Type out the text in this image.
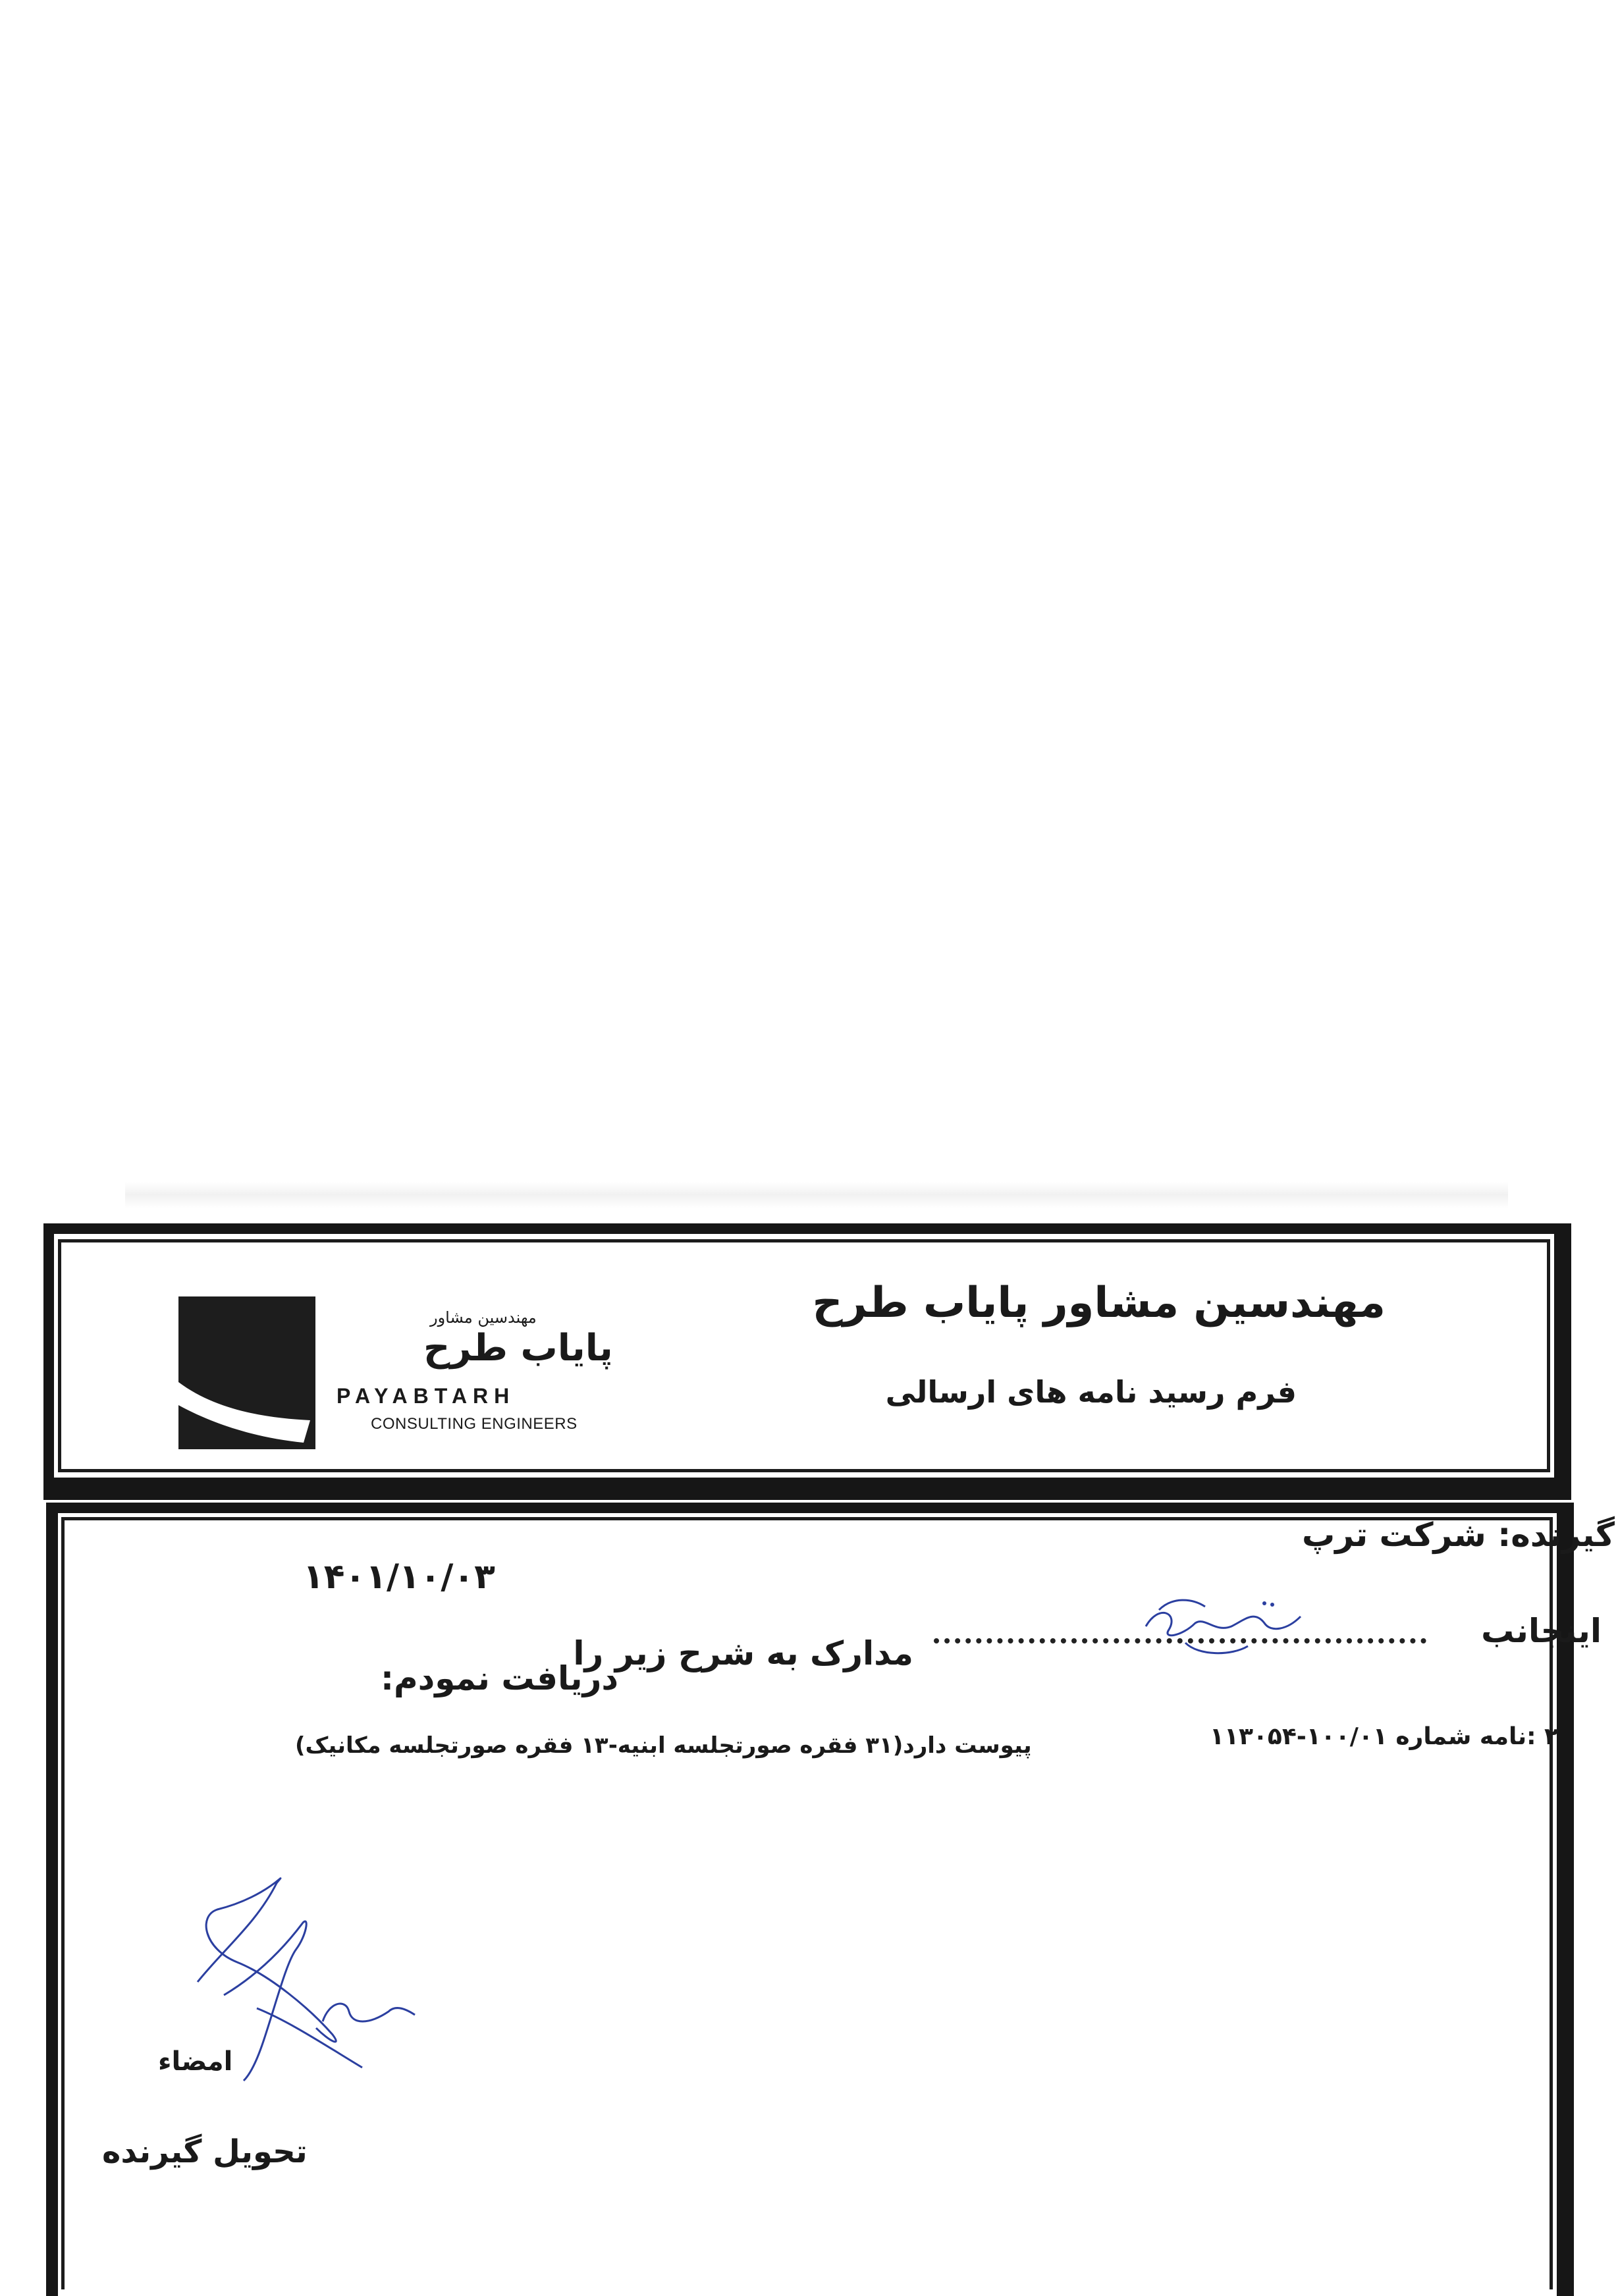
مهندسین مشاور پایاب طرح
فرم رسید نامه های ارسالی
مهندسین مشاور
پایاب طرح
PAYABTARH
CONSULTING ENGINEERS
گیرنده: شرکت ترپ
۱۴۰۱/۱۰/۰۳
اینجانب
مدارک به شرح زیر را
دریافت نمودم:
۲ :نامه شماره ۱۰۰/۰۱-۱۱۳۰۵۴
پیوست دارد(۳۱ فقره صورتجلسه ابنیه-۱۳ فقره صورتجلسه مکانیک)
امضاء
تحویل گیرنده
